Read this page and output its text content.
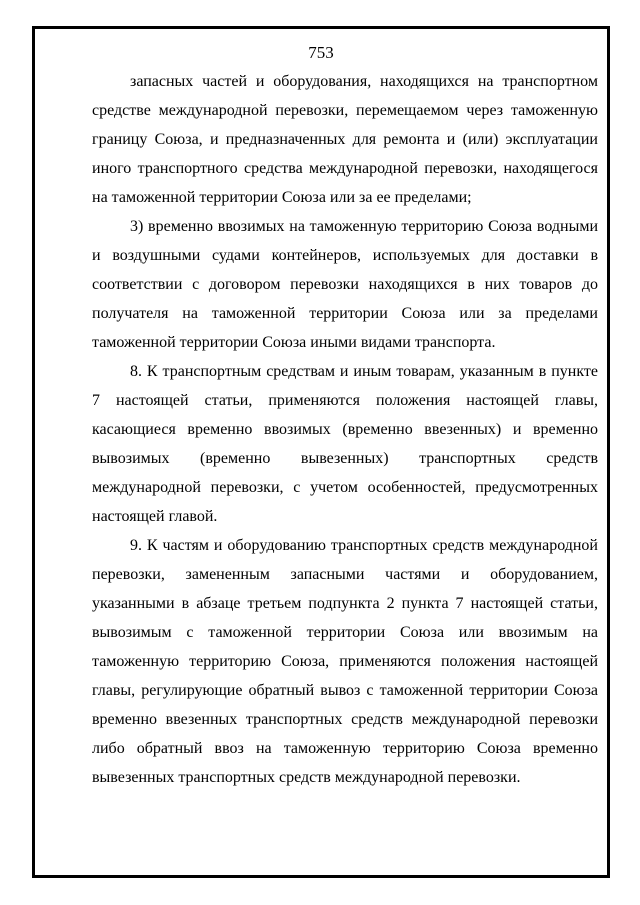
753

запасных частей и оборудования, находящихся на транспортном средстве международной перевозки, перемещаемом через таможенную границу Союза, и предназначенных для ремонта и (или) эксплуатации иного транспортного средства международной перевозки, находящегося на таможенной территории Союза или за ее пределами;

3) временно ввозимых на таможенную территорию Союза водными и воздушными судами контейнеров, используемых для доставки в соответствии с договором перевозки находящихся в них товаров до получателя на таможенной территории Союза или за пределами таможенной территории Союза иными видами транспорта.

8. К транспортным средствам и иным товарам, указанным в пункте 7 настоящей статьи, применяются положения настоящей главы, касающиеся временно ввозимых (временно ввезенных) и временно вывозимых (временно вывезенных) транспортных средств международной перевозки, с учетом особенностей, предусмотренных настоящей главой.

9. К частям и оборудованию транспортных средств международной перевозки, замененным запасными частями и оборудованием, указанными в абзаце третьем подпункта 2 пункта 7 настоящей статьи, вывозимым с таможенной территории Союза или ввозимым на таможенную территорию Союза, применяются положения настоящей главы, регулирующие обратный вывоз с таможенной территории Союза временно ввезенных транспортных средств международной перевозки либо обратный ввоз на таможенную территорию Союза временно вывезенных транспортных средств международной перевозки.
